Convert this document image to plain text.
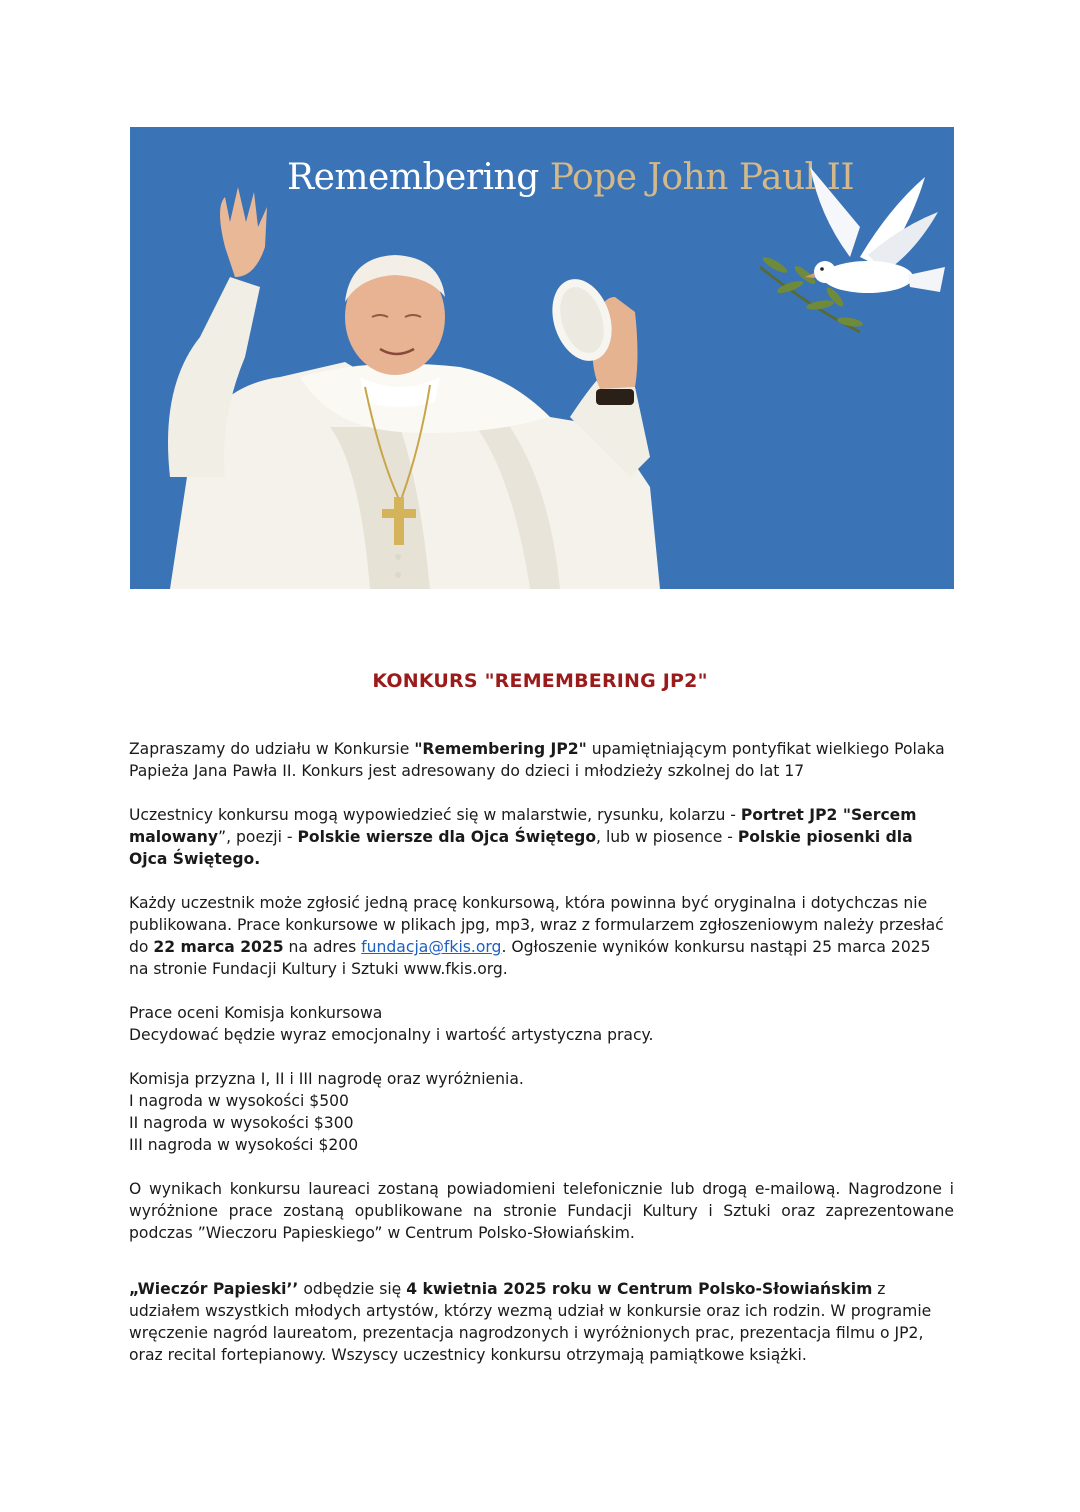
Remembering Pope John Paul II
KONKURS "REMEMBERING JP2"

Zapraszamy do udziału w Konkursie "Remembering JP2" upamiętniającym pontyfikat wielkiego Polaka Papieża Jana Pawła II. Konkurs jest adresowany do dzieci i młodzieży szkolnej do lat 17

Uczestnicy konkursu mogą wypowiedzieć się w malarstwie, rysunku, kolarzu - Portret JP2 "Sercem malowany”, poezji - Polskie wiersze dla Ojca Świętego, lub w piosence - Polskie piosenki dla Ojca Świętego.

Każdy uczestnik może zgłosić jedną pracę konkursową, która powinna być oryginalna i dotychczas nie publikowana. Prace konkursowe w plikach jpg, mp3, wraz z formularzem zgłoszeniowym należy przesłać do 22 marca 2025 na adres fundacja@fkis.org. Ogłoszenie wyników konkursu nastąpi 25 marca 2025 na stronie Fundacji Kultury i Sztuki www.fkis.org.

Prace oceni Komisja konkursowa
Decydować będzie wyraz emocjonalny i wartość artystyczna pracy.

Komisja przyzna I, II i III nagrodę oraz wyróżnienia.
I nagroda w wysokości $500
II nagroda w wysokości $300
III nagroda w wysokości $200

O wynikach konkursu laureaci zostaną powiadomieni telefonicznie lub drogą e-mailową. Nagrodzone i wyróżnione prace zostaną opublikowane na stronie Fundacji Kultury i Sztuki oraz zaprezentowane podczas ”Wieczoru Papieskiego” w Centrum Polsko-Słowiańskim.

„Wieczór Papieski’’ odbędzie się 4 kwietnia 2025 roku w Centrum Polsko-Słowiańskim z udziałem wszystkich młodych artystów, którzy wezmą udział w konkursie oraz ich rodzin. W programie wręczenie nagród laureatom, prezentacja nagrodzonych i wyróżnionych prac, prezentacja filmu o JP2, oraz recital fortepianowy. Wszyscy uczestnicy konkursu otrzymają pamiątkowe książki.
